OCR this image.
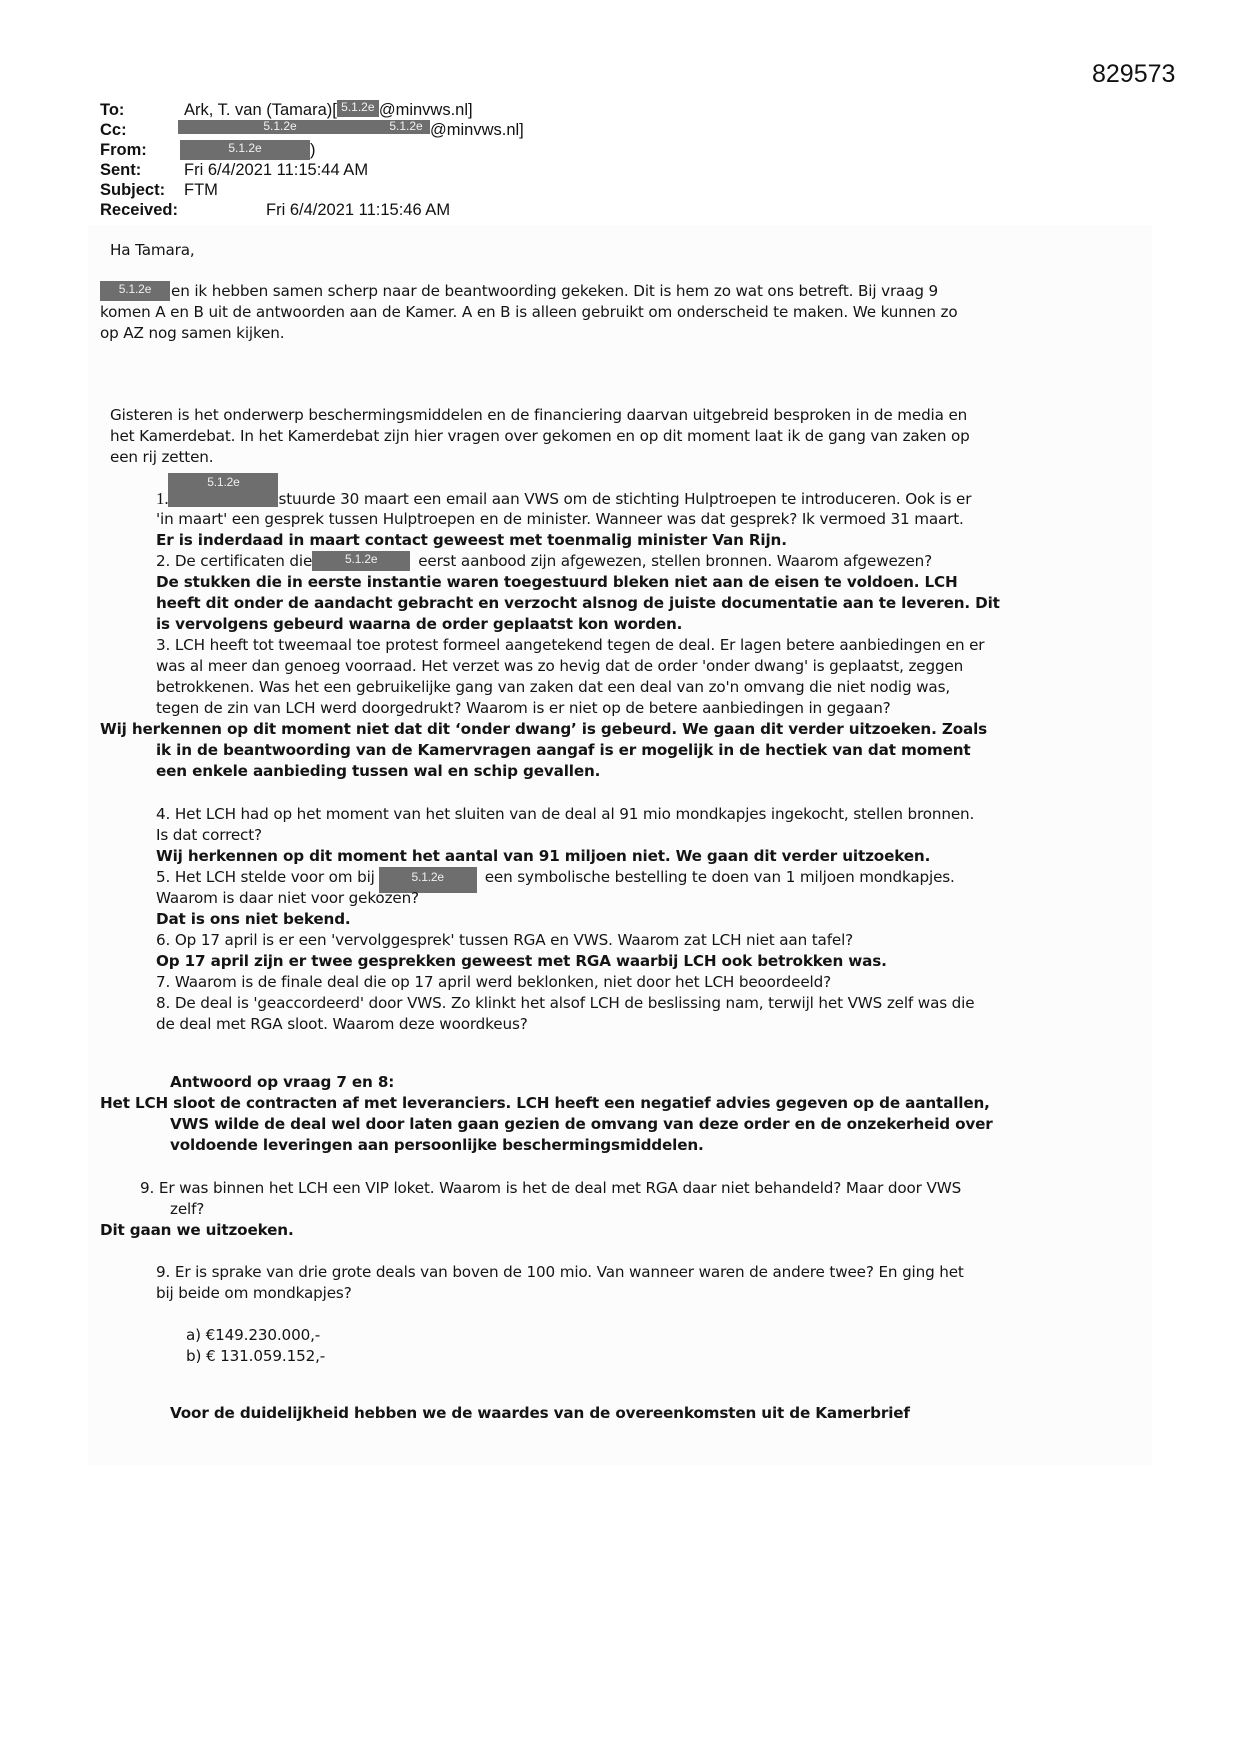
829573
To:	Ark, T. van (Tamara)[ 5.1.2e @minvws.nl]
Cc:	5.1.2e	5.1.2e @minvws.nl]
From:	5.1.2e	)
Sent:	Fri 6/4/2021 11:15:44 AM
Subject: FTM
Received:	Fri 6/4/2021 11:15:46 AM
Ha Tamara,
5.1.2e en ik hebben samen scherp naar de beantwoording gekeken. Dit is hem zo wat ons betreft. Bij vraag 9
komen A en B uit de antwoorden aan de Kamer. A en B is alleen gebruikt om onderscheid te maken. We kunnen zo
op AZ nog samen kijken.
Gisteren is het onderwerp beschermingsmiddelen en de financiering daarvan uitgebreid besproken in de media en
het Kamerdebat. In het Kamerdebat zijn hier vragen over gekomen en op dit moment laat ik de gang van zaken op
een rij zetten.
1.5.1.2estuurde 30 maart een email aan VWS om de stichting Hulptroepen te introduceren. Ook is er
'in maart' een gesprek tussen Hulptroepen en de minister. Wanneer was dat gesprek? Ik vermoed 31 maart.
Er is inderdaad in maart contact geweest met toenmalig minister Van Rijn.
2. De certificaten die	5.1.2e	eerst aanbood zijn afgewezen, stellen bronnen. Waarom afgewezen?
De stukken die in eerste instantie waren toegestuurd bleken niet aan de eisen te voldoen. LCH
heeft dit onder de aandacht gebracht en verzocht alsnog de juiste documentatie aan te leveren. Dit
is vervolgens gebeurd waarna de order geplaatst kon worden.
3. LCH heeft tot tweemaal toe protest formeel aangetekend tegen de deal. Er lagen betere aanbiedingen en er
was al meer dan genoeg voorraad. Het verzet was zo hevig dat de order 'onder dwang' is geplaatst, zeggen
betrokkenen. Was het een gebruikelijke gang van zaken dat een deal van zo'n omvang die niet nodig was,
tegen de zin van LCH werd doorgedrukt? Waarom is er niet op de betere aanbiedingen in gegaan?
Wij herkennen op dit moment niet dat dit ‘onder dwang’ is gebeurd. We gaan dit verder uitzoeken. Zoals
ik in de beantwoording van de Kamervragen aangaf is er mogelijk in de hectiek van dat moment
een enkele aanbieding tussen wal en schip gevallen.
4. Het LCH had op het moment van het sluiten van de deal al 91 mio mondkapjes ingekocht, stellen bronnen.
Is dat correct?
Wij herkennen op dit moment het aantal van 91 miljoen niet. We gaan dit verder uitzoeken.
5. Het LCH stelde voor om bij	5.1.2e	een symbolische bestelling te doen van 1 miljoen mondkapjes.
Waarom is daar niet voor gekozen?
Dat is ons niet bekend.
6. Op 17 april is er een 'vervolggesprek' tussen RGA en VWS. Waarom zat LCH niet aan tafel?
Op 17 april zijn er twee gesprekken geweest met RGA waarbij LCH ook betrokken was.
7. Waarom is de finale deal die op 17 april werd beklonken, niet door het LCH beoordeeld?
8. De deal is 'geaccordeerd' door VWS. Zo klinkt het alsof LCH de beslissing nam, terwijl het VWS zelf was die
de deal met RGA sloot. Waarom deze woordkeus?
Antwoord op vraag 7 en 8:
Het LCH sloot de contracten af met leveranciers. LCH heeft een negatief advies gegeven op de aantallen,
VWS wilde de deal wel door laten gaan gezien de omvang van deze order en de onzekerheid over
voldoende leveringen aan persoonlijke beschermingsmiddelen.
9. Er was binnen het LCH een VIP loket. Waarom is het de deal met RGA daar niet behandeld? Maar door VWS
zelf?
Dit gaan we uitzoeken.
9. Er is sprake van drie grote deals van boven de 100 mio. Van wanneer waren de andere twee? En ging het
bij beide om mondkapjes?
a) €149.230.000,-
b) € 131.059.152,-
Voor de duidelijkheid hebben we de waardes van de overeenkomsten uit de Kamerbrief
